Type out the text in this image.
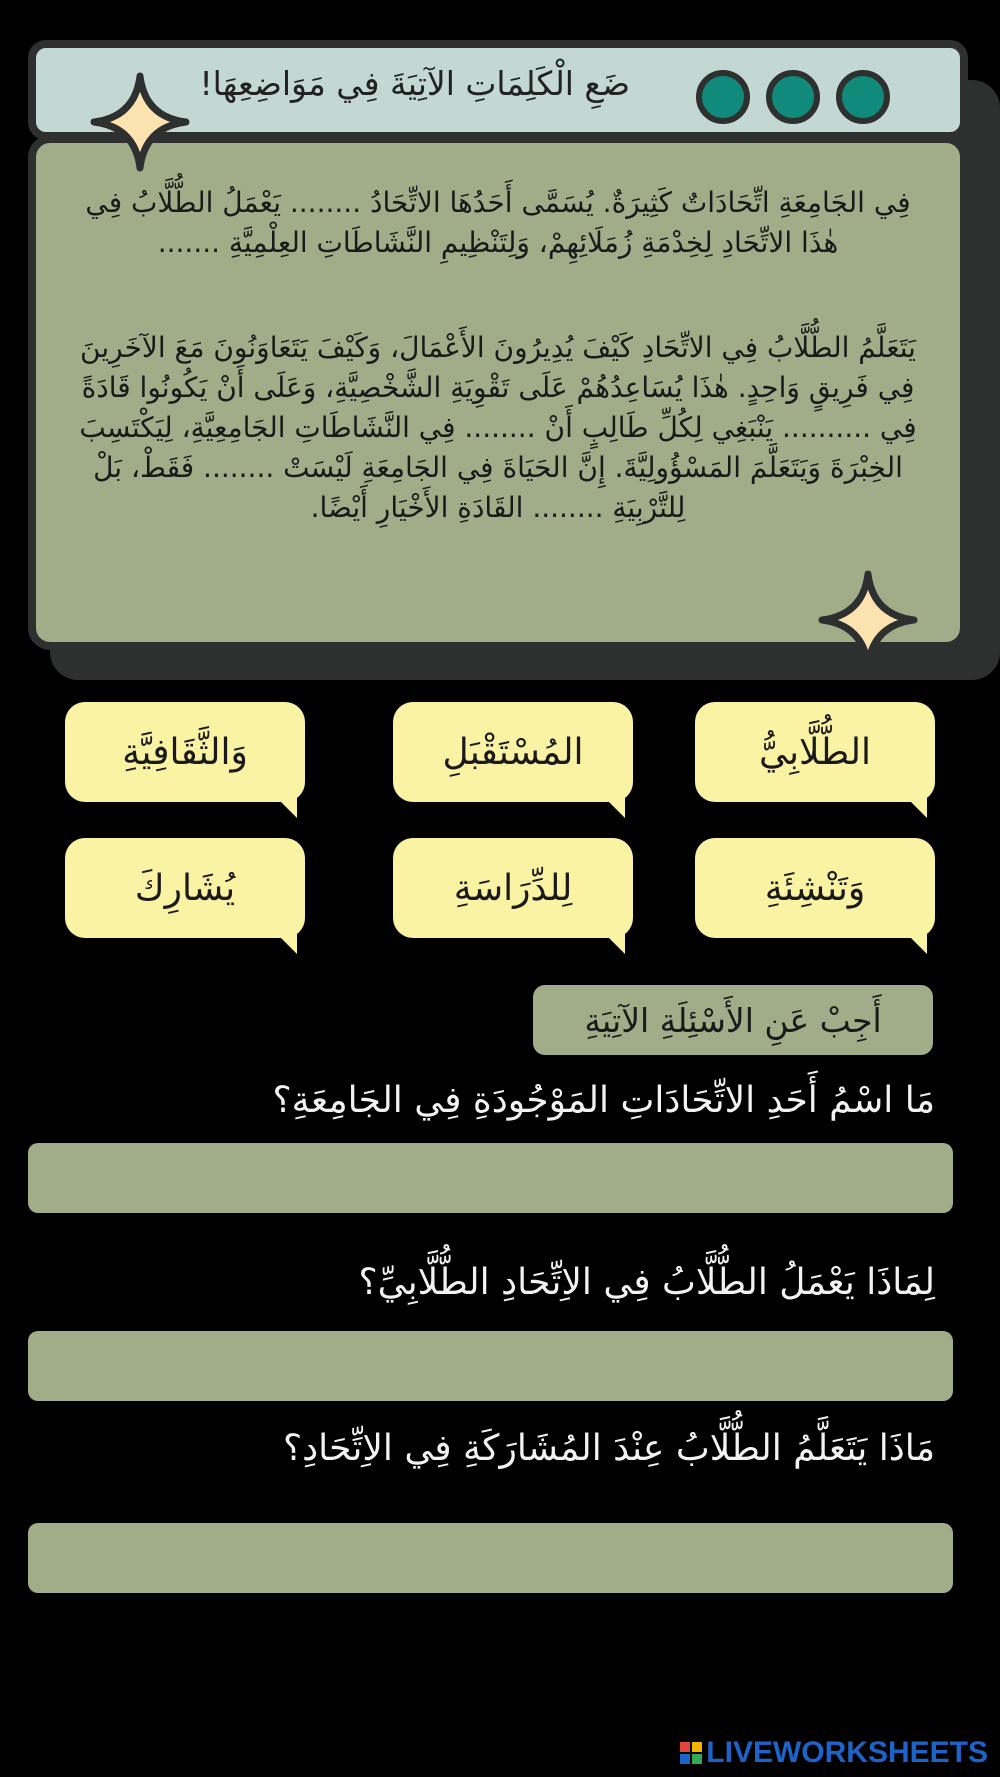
ضَعِ الْكَلِمَاتِ الآتِيَةَ فِي مَوَاضِعِهَا!

فِي الجَامِعَةِ اتِّحَادَاتٌ كَثِيرَةٌ. يُسَمَّى أَحَدُهَا الاتِّحَادُ ........ يَعْمَلُ الطُّلَّابُ فِي هٰذَا الاتِّحَادِ لِخِدْمَةِ زُمَلَائِهِمْ، وَلِتَنْظِيمِ النَّشَاطَاتِ العِلْمِيَّةِ .......

يَتَعَلَّمُ الطُّلَّابُ فِي الاتِّحَادِ كَيْفَ يُدِيرُونَ الأَعْمَالَ، وَكَيْفَ يَتَعَاوَنُونَ مَعَ الآخَرِينَ فِي فَرِيقٍ وَاحِدٍ. هٰذَا يُسَاعِدُهُمْ عَلَى تَقْوِيَةِ الشَّخْصِيَّةِ، وَعَلَى أَنْ يَكُونُوا قَادَةً فِي .......... يَنْبَغِي لِكُلِّ طَالِبٍ أَنْ ........ فِي النَّشَاطَاتِ الجَامِعِيَّةِ، لِيَكْتَسِبَ الخِبْرَةَ وَيَتَعَلَّمَ المَسْؤُولِيَّةَ. إِنَّ الحَيَاةَ فِي الجَامِعَةِ لَيْسَتْ ........ فَقَطْ، بَلْ لِلتَّرْبِيَةِ ........ القَادَةِ الأَخْيَارِ أَيْضًا.

الطُّلَّابِيُّ
المُسْتَقْبَلِ
وَالثَّقَافِيَّةِ
وَتَنْشِئَةِ
لِلدِّرَاسَةِ
يُشَارِكَ
أَجِبْ عَنِ الأَسْئِلَةِ الآتِيَةِ
مَا اسْمُ أَحَدِ الاتِّحَادَاتِ المَوْجُودَةِ فِي الجَامِعَةِ؟
لِمَاذَا يَعْمَلُ الطُّلَّابُ فِي الاِتِّحَادِ الطُّلَّابِيِّ؟
مَاذَا يَتَعَلَّمُ الطُّلَّابُ عِنْدَ المُشَارَكَةِ فِي الاِتِّحَادِ؟
LIVEWORKSHEETS
